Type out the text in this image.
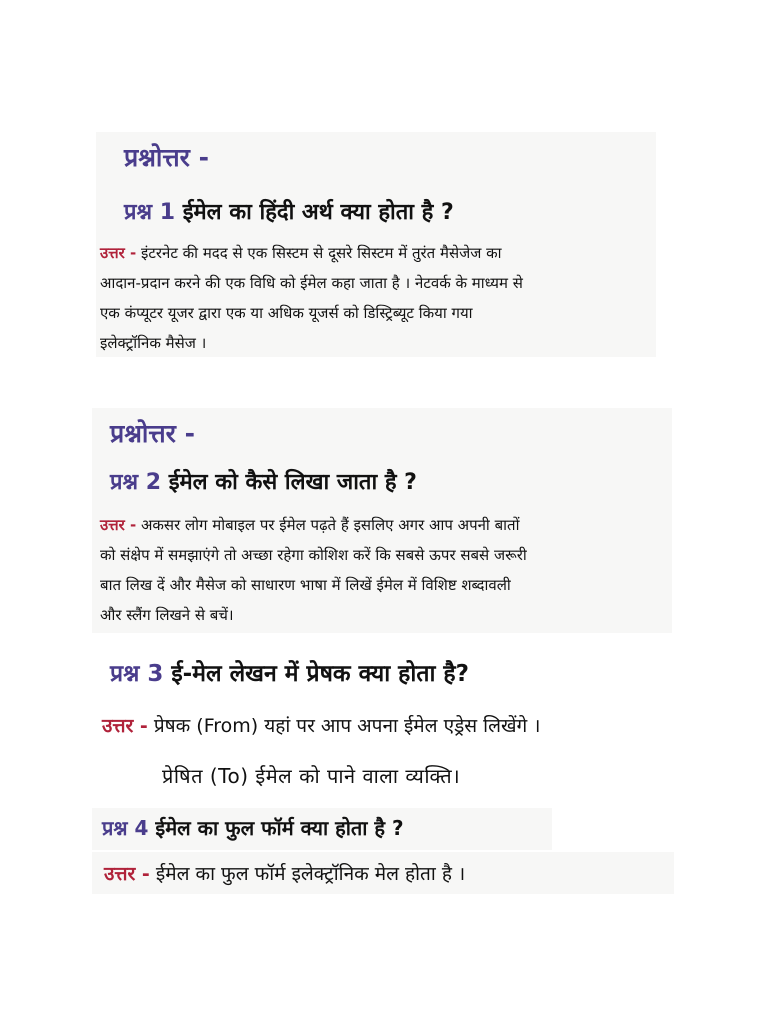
प्रश्नोत्तर -
प्रश्न 1 ईमेल का हिंदी अर्थ क्या होता है ?
उत्तर - इंटरनेट की मदद से एक सिस्टम से दूसरे सिस्टम में तुरंत मैसेजेज का
आदान-प्रदान करने की एक विधि को ईमेल कहा जाता है । नेटवर्क के माध्यम से
एक कंप्यूटर यूजर द्वारा एक या अधिक यूजर्स को डिस्ट्रिब्यूट किया गया
इलेक्ट्रॉनिक मैसेज ।
प्रश्नोत्तर -
प्रश्न 2 ईमेल को कैसे लिखा जाता है ?
उत्तर - अकसर लोग मोबाइल पर ईमेल पढ़ते हैं इसलिए अगर आप अपनी बातों
को संक्षेप में समझाएंगे तो अच्छा रहेगा कोशिश करें कि सबसे ऊपर सबसे जरूरी
बात लिख दें और मैसेज को साधारण भाषा में लिखें ईमेल में विशिष्ट शब्दावली
और स्लैंग लिखने से बचें।
प्रश्न 3 ई-मेल लेखन में प्रेषक क्या होता है?
उत्तर - प्रेषक (From) यहां पर आप अपना ईमेल एड्रेस लिखेंगे ।
प्रेषित (To) ईमेल को पाने वाला व्यक्ति।
प्रश्न 4 ईमेल का फुल फॉर्म क्या होता है ?
उत्तर - ईमेल का फुल फॉर्म इलेक्ट्रॉनिक मेल होता है ।
